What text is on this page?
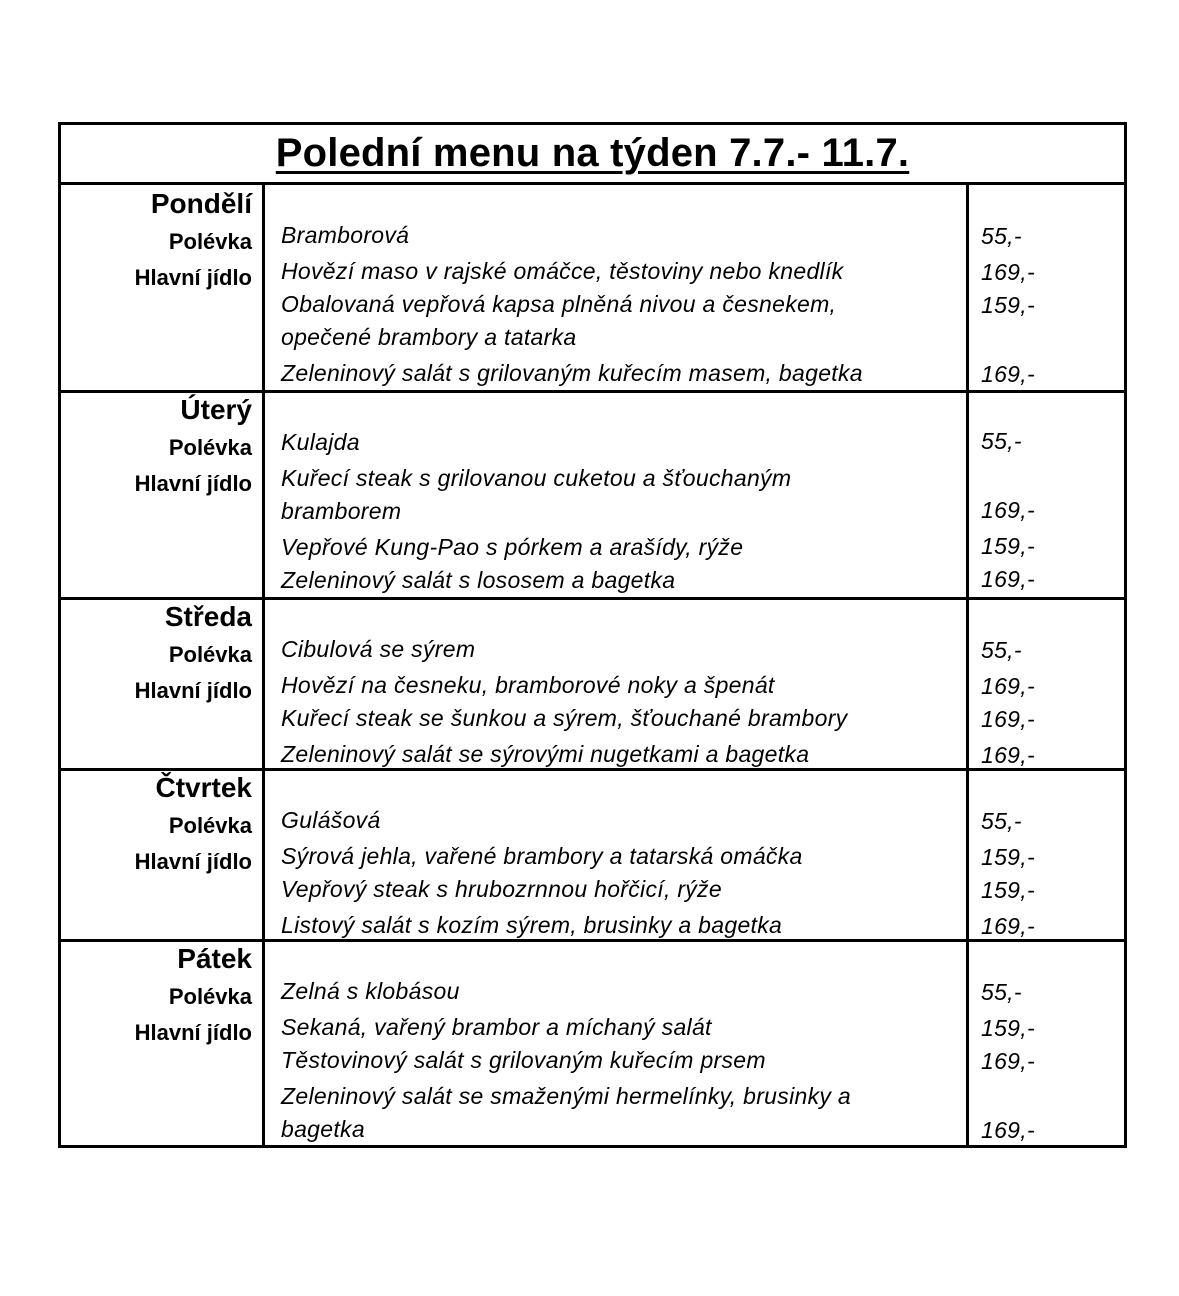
Polední menu na týden 7.7.- 11.7.
Pondělí
Polévka
Hlavní jídlo
Bramborová
Hovězí maso v rajské omáčce, těstoviny nebo knedlík
Obalovaná vepřová kapsa plněná nivou a česnekem,
opečené brambory a tatarka
Zeleninový salát s grilovaným kuřecím masem, bagetka
55,-
169,-
159,-
169,-
Úterý
Polévka
Hlavní jídlo
Kulajda
Kuřecí steak s grilovanou cuketou a šťouchaným
bramborem
Vepřové Kung-Pao s pórkem a arašídy, rýže
Zeleninový salát s lososem a bagetka
55,-
169,-
159,-
169,-
Středa
Polévka
Hlavní jídlo
Cibulová se sýrem
Hovězí na česneku, bramborové noky a špenát
Kuřecí steak se šunkou a sýrem, šťouchané brambory
Zeleninový salát se sýrovými nugetkami a bagetka
55,-
169,-
169,-
169,-
Čtvrtek
Polévka
Hlavní jídlo
Gulášová
Sýrová jehla, vařené brambory a tatarská omáčka
Vepřový steak s hrubozrnnou hořčicí, rýže
Listový salát s kozím sýrem, brusinky a bagetka
55,-
159,-
159,-
169,-
Pátek
Polévka
Hlavní jídlo
Zelná s klobásou
Sekaná, vařený brambor a míchaný salát
Těstovinový salát s grilovaným kuřecím prsem
Zeleninový salát se smaženými hermelínky, brusinky a
bagetka
55,-
159,-
169,-
169,-
